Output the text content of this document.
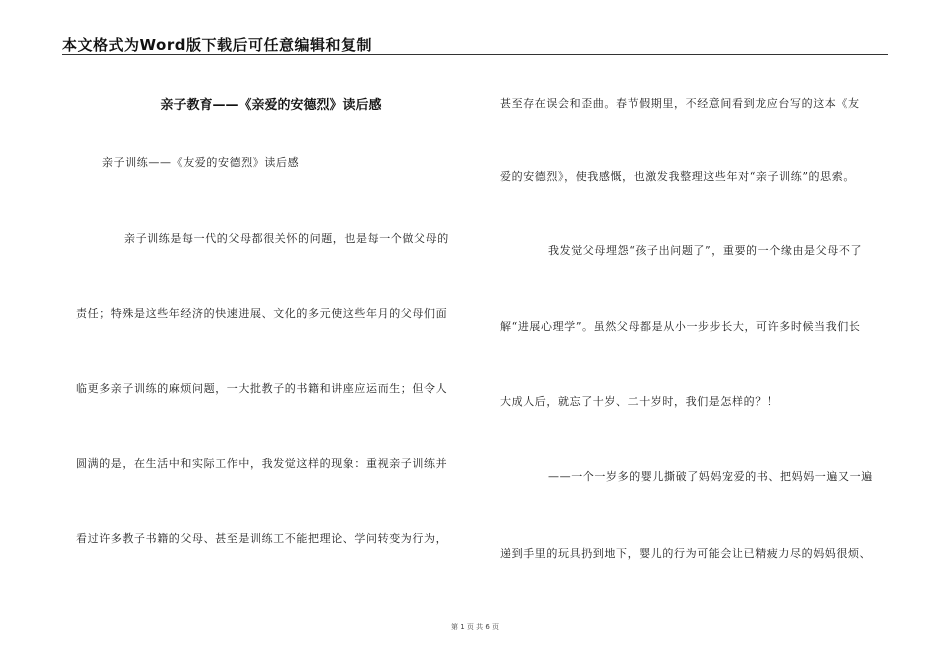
本文格式为Word版下载后可任意编辑和复制
亲子教育——《亲爱的安德烈》读后感
亲子训练——《友爱的安德烈》读后感
亲子训练是每一代的父母都很关怀的问题，也是每一个做父母的
责任；特殊是这些年经济的快速进展、文化的多元使这些年月的父母们面
临更多亲子训练的麻烦问题，一大批教子的书籍和讲座应运而生；但令人
圆满的是，在生活中和实际工作中，我发觉这样的现象：重视亲子训练并
看过许多教子书籍的父母、甚至是训练工不能把理论、学问转变为行为，
甚至存在误会和歪曲。春节假期里，不经意间看到龙应台写的这本《友
爱的安德烈》，使我感慨，也激发我整理这些年对“亲子训练”的思索。
我发觉父母埋怨“孩子出问题了”，重要的一个缘由是父母不了
解“进展心理学”。虽然父母都是从小一步步长大，可许多时候当我们长
大成人后，就忘了十岁、二十岁时，我们是怎样的？！
——一个一岁多的婴儿撕破了妈妈宠爱的书、把妈妈一遍又一遍
递到手里的玩具扔到地下，婴儿的行为可能会让已精疲力尽的妈妈很烦、
第 1 页 共 6 页
